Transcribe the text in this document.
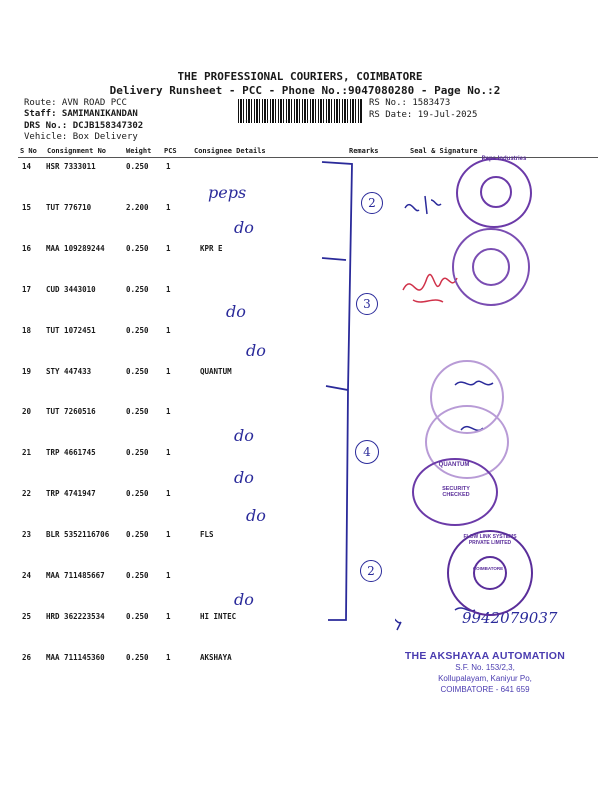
THE PROFESSIONAL COURIERS, COIMBATORE
Delivery Runsheet - PCC - Phone No.:9047080280 - Page No.:2
Route: AVN ROAD PCC
Staff: SAMIMANIKANDAN
DRS No.: DCJB158347302
Vehicle: Box Delivery
RS No.: 1583473
RS Date: 19-Jul-2025
S No Consignment No	Weight PCS Consignee Details	Remarks	Seal & Signature
14 HSR 7333011	0.250 1
15 TUT 776710	2.200 1
16 MAA 109289244	0.250 1	KPR E
17 CUD 3443010	0.250 1
18 TUT 1072451	0.250 1
19 STY 447433	0.250 1	QUANTUM
20 TUT 7260516	0.250 1
21 TRP 4661745	0.250 1
22 TRP 4741947	0.250 1
23 BLR 5352116706 0.250 1	FLS
24 MAA 711485667	0.250 1
25 HRD 362223534	0.250 1	HI INTEC
26 MAA 711145360	0.250 1	AKSHAYA
peps
do
do
do
do
do
do
do
9942079037
2
3
4
2
Peps Industries
QUANTUM
SECURITY CHECKED
FLOW LINK SYSTEMS PRIVATE LIMITED
COIMBATORE
THE AKSHAYAA AUTOMATION
S.F. No. 153/2,3,
Kollupalayam, Kaniyur Po,
COIMBATORE - 641 659
